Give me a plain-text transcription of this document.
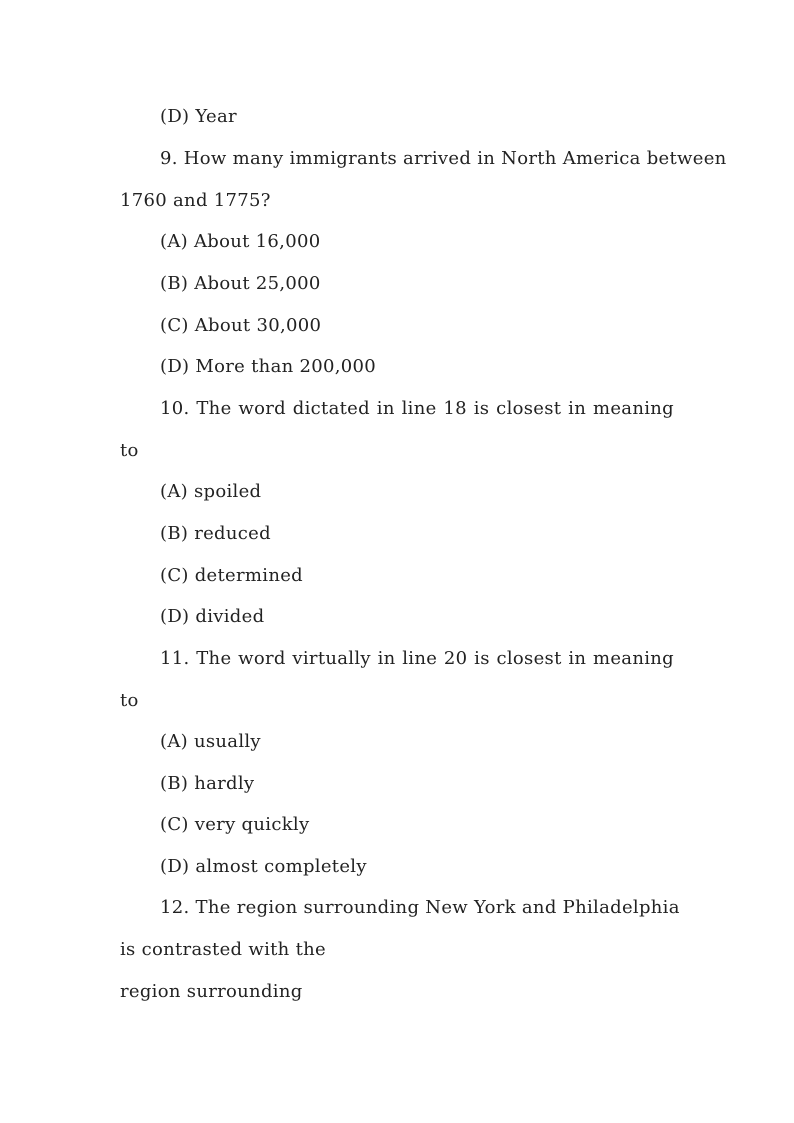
(D) Year
9. How many immigrants arrived in North America between
1760 and 1775?
(A) About 16,000
(B) About 25,000
(C) About 30,000
(D) More than 200,000
10. The word dictated in line 18 is closest in meaning
to
(A) spoiled
(B) reduced
(C) determined
(D) divided
11. The word virtually in line 20 is closest in meaning
to
(A) usually
(B) hardly
(C) very quickly
(D) almost completely
12. The region surrounding New York and Philadelphia
is contrasted with the
region surrounding
